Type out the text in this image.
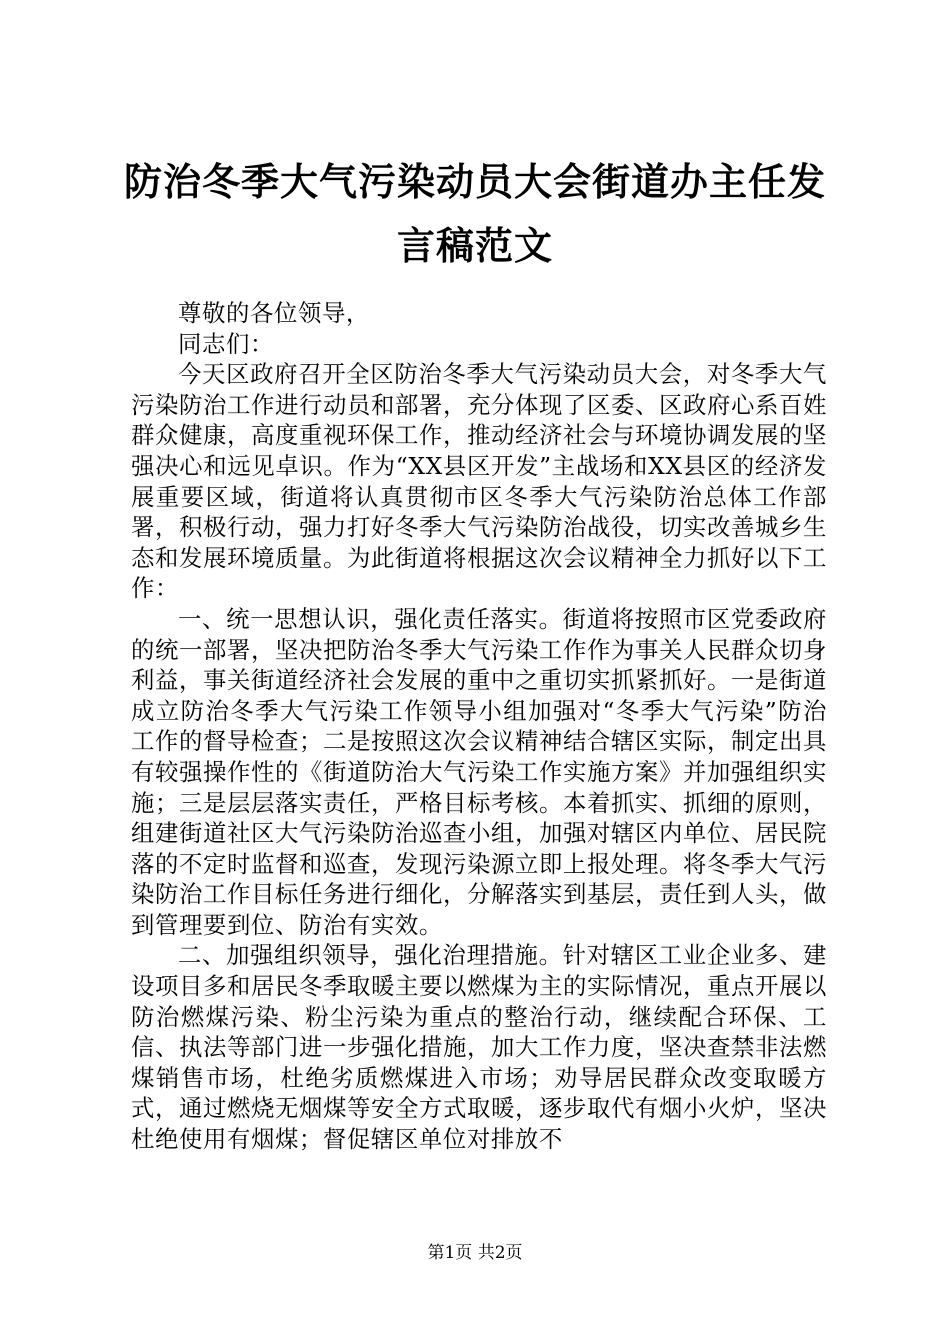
防治冬季大气污染动员大会街道办主任发言稿范文

尊敬的各位领导，

同志们：

今天区政府召开全区防治冬季大气污染动员大会，对冬季大气污染防治工作进行动员和部署，充分体现了区委、区政府心系百姓群众健康，高度重视环保工作，推动经济社会与环境协调发展的坚强决心和远见卓识。作为“XX县区开发”主战场和XX县区的经济发展重要区域，街道将认真贯彻市区冬季大气污染防治总体工作部署，积极行动，强力打好冬季大气污染防治战役，切实改善城乡生态和发展环境质量。为此街道将根据这次会议精神全力抓好以下工作：

一、统一思想认识，强化责任落实。街道将按照市区党委政府的统一部署，坚决把防治冬季大气污染工作作为事关人民群众切身利益，事关街道经济社会发展的重中之重切实抓紧抓好。一是街道成立防治冬季大气污染工作领导小组加强对“冬季大气污染”防治工作的督导检查；二是按照这次会议精神结合辖区实际，制定出具有较强操作性的《街道防治大气污染工作实施方案》并加强组织实施；三是层层落实责任，严格目标考核。本着抓实、抓细的原则，组建街道社区大气污染防治巡查小组，加强对辖区内单位、居民院落的不定时监督和巡查，发现污染源立即上报处理。将冬季大气污染防治工作目标任务进行细化，分解落实到基层，责任到人头，做到管理要到位、防治有实效。

二、加强组织领导，强化治理措施。针对辖区工业企业多、建设项目多和居民冬季取暖主要以燃煤为主的实际情况，重点开展以防治燃煤污染、粉尘污染为重点的整治行动，继续配合环保、工信、执法等部门进一步强化措施，加大工作力度，坚决查禁非法燃煤销售市场，杜绝劣质燃煤进入市场；劝导居民群众改变取暖方式，通过燃烧无烟煤等安全方式取暖，逐步取代有烟小火炉，坚决杜绝使用有烟煤；督促辖区单位对排放不

第1页 共2页
